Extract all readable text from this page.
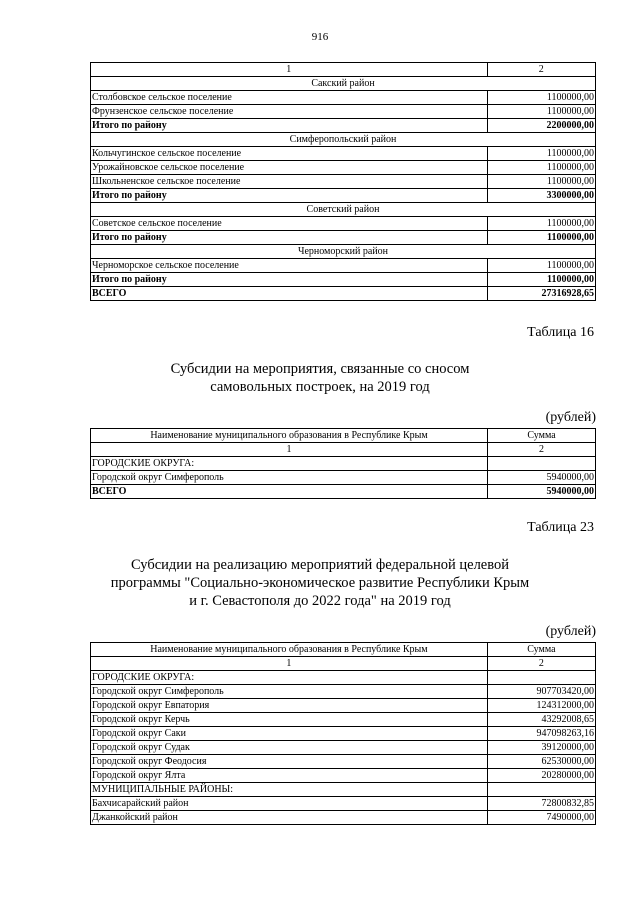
916
1	2
Сакский район	
Столбовское сельское поселение	1100000,00
Фрунзенское сельское поселение	1100000,00
Итого по району	2200000,00
Симферопольский район	
Кольчугинское сельское поселение	1100000,00
Урожайновское сельское поселение	1100000,00
Школьненское сельское поселение	1100000,00
Итого по району	3300000,00
Советский район	
Советское сельское поселение	1100000,00
Итого по району	1100000,00
Черноморский район	
Черноморское сельское поселение	1100000,00
Итого по району	1100000,00
ВСЕГО	27316928,65
Таблица 16
Субсидии на мероприятия, связанные со сносом
самовольных построек, на 2019 год
(рублей)
Наименование муниципального образования в Республике Крым	Сумма
1	2
ГОРОДСКИЕ ОКРУГА:	
Городской округ Симферополь	5940000,00
ВСЕГО	5940000,00
Таблица 23
Субсидии на реализацию мероприятий федеральной целевой
программы "Социально-экономическое развитие Республики Крым
и г. Севастополя до 2022 года" на 2019 год
(рублей)
Наименование муниципального образования в Республике Крым	Сумма
1	2
ГОРОДСКИЕ ОКРУГА:	
Городской округ Симферополь	907703420,00
Городской округ Евпатория	124312000,00
Городской округ Керчь	43292008,65
Городской округ Саки	947098263,16
Городской округ Судак	39120000,00
Городской округ Феодосия	62530000,00
Городской округ Ялта	20280000,00
МУНИЦИПАЛЬНЫЕ РАЙОНЫ:	
Бахчисарайский район	72800832,85
Джанкойский район	7490000,00
